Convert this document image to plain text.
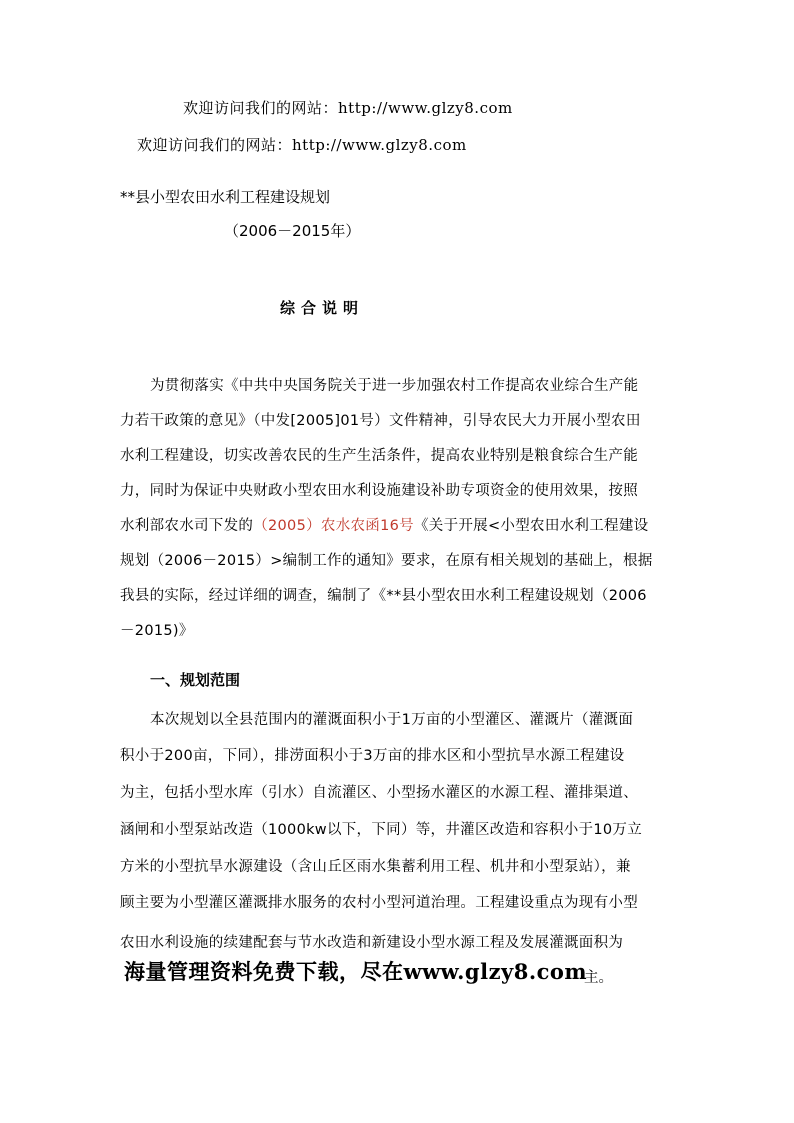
欢迎访问我们的网站：http://www.glzy8.com
欢迎访问我们的网站：http://www.glzy8.com
**县小型农田水利工程建设规划
（2006－2015年）
综合说明
为贯彻落实《中共中央国务院关于进一步加强农村工作提高农业综合生产能
力若干政策的意见》（中发[2005]01号）文件精神，引导农民大力开展小型农田
水利工程建设，切实改善农民的生产生活条件，提高农业特别是粮食综合生产能
力，同时为保证中央财政小型农田水利设施建设补助专项资金的使用效果，按照
水利部农水司下发的（2005）农水农函16号《关于开展<小型农田水利工程建设
规划（2006－2015）>编制工作的通知》要求，在原有相关规划的基础上，根据
我县的实际，经过详细的调查，编制了《**县小型农田水利工程建设规划（2006
－2015)》
一、规划范围
本次规划以全县范围内的灌溉面积小于1万亩的小型灌区、灌溉片（灌溉面
积小于200亩，下同），排涝面积小于3万亩的排水区和小型抗旱水源工程建设
为主，包括小型水库（引水）自流灌区、小型扬水灌区的水源工程、灌排渠道、
涵闸和小型泵站改造（1000kw以下，下同）等，井灌区改造和容积小于10万立
方米的小型抗旱水源建设（含山丘区雨水集蓄利用工程、机井和小型泵站），兼
顾主要为小型灌区灌溉排水服务的农村小型河道治理。工程建设重点为现有小型
农田水利设施的续建配套与节水改造和新建设小型水源工程及发展灌溉面积为
海量管理资料免费下载，尽在www.glzy8.com
主。
